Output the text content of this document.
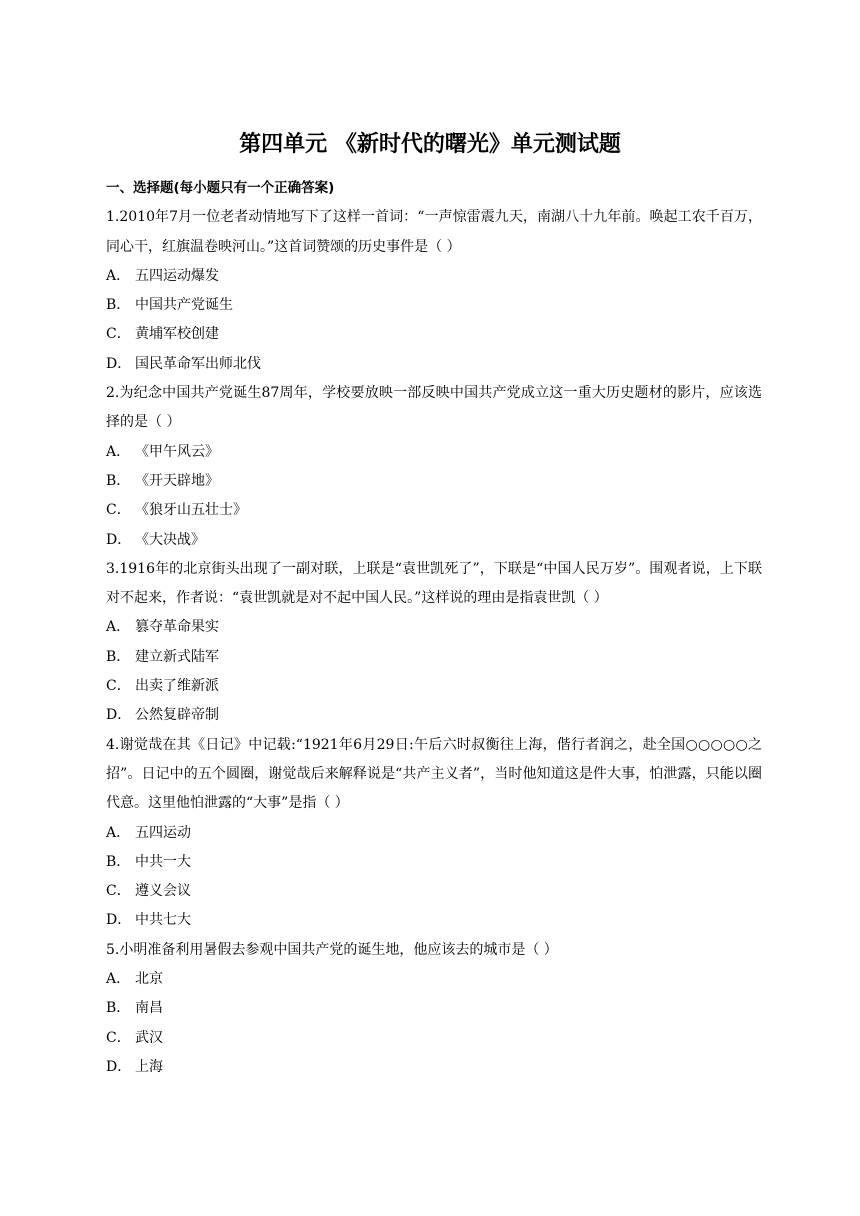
第四单元 《新时代的曙光》单元测试题
一、选择题(每小题只有一个正确答案)
1.2010年7月一位老者动情地写下了这样一首词：“一声惊雷震九天，南湖八十九年前。唤起工农千百万，同心干，红旗温卷映河山。”这首词赞颂的历史事件是（ ）
A． 五四运动爆发
B． 中国共产党诞生
C． 黄埔军校创建
D． 国民革命军出师北伐
2.为纪念中国共产党诞生87周年，学校要放映一部反映中国共产党成立这一重大历史题材的影片，应该选择的是（ ）
A． 《甲午风云》
B． 《开天辟地》
C． 《狼牙山五壮士》
D． 《大决战》
3.1916年的北京街头出现了一副对联，上联是“袁世凯死了”，下联是“中国人民万岁”。围观者说，上下联对不起来，作者说：“袁世凯就是对不起中国人民。”这样说的理由是指袁世凯（ ）
A． 篡夺革命果实
B． 建立新式陆军
C． 出卖了维新派
D． 公然复辟帝制
4.谢觉哉在其《日记》中记载:“1921年6月29日:午后六时叔衡往上海，偕行者润之，赴全国○○○○○之招”。日记中的五个圆圈，谢觉哉后来解释说是“共产主义者”，当时他知道这是件大事，怕泄露，只能以圈代意。这里他怕泄露的“大事”是指（ ）
A． 五四运动
B． 中共一大
C． 遵义会议
D． 中共七大
5.小明准备利用暑假去参观中国共产党的诞生地，他应该去的城市是（ ）
A． 北京
B． 南昌
C． 武汉
D． 上海
